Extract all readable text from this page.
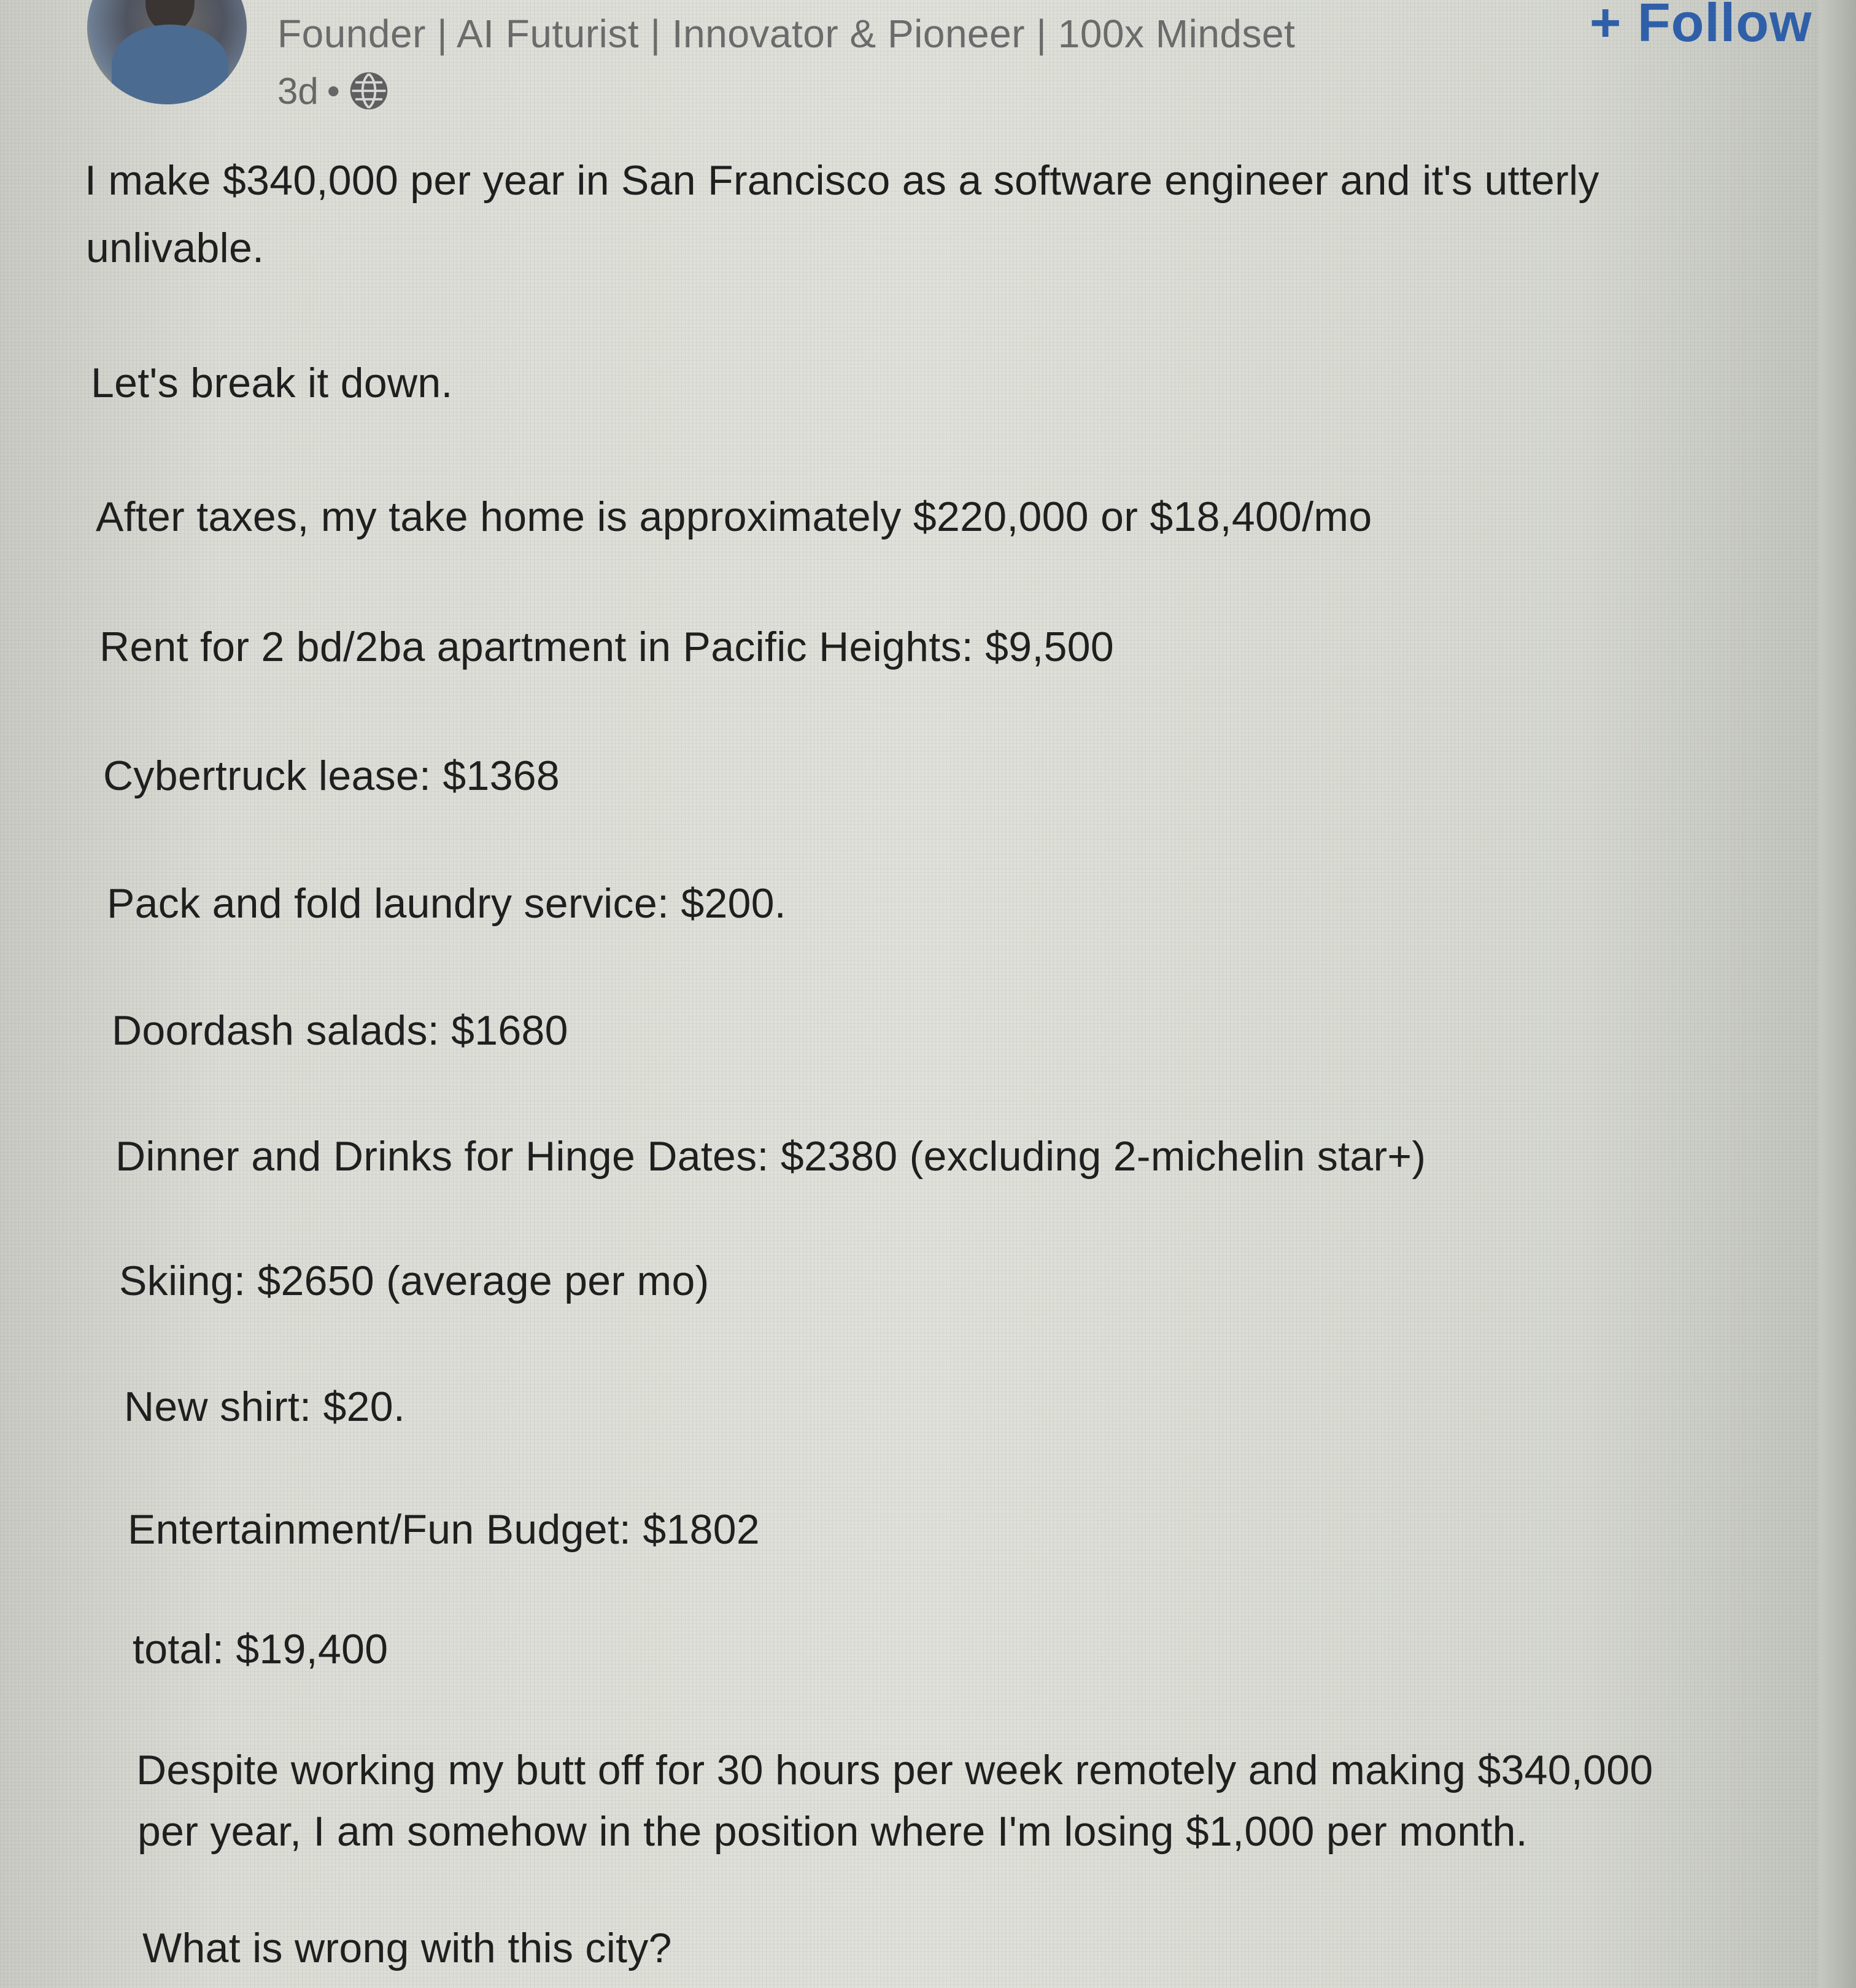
Founder | AI Futurist | Innovator & Pioneer | 100x Mindset
3d •
+ Follow
I make $340,000 per year in San Francisco as a software engineer and it's utterly
unlivable.
Let's break it down.
After taxes, my take home is approximately $220,000 or $18,400/mo
Rent for 2 bd/2ba apartment in Pacific Heights: $9,500
Cybertruck lease: $1368
Pack and fold laundry service: $200.
Doordash salads: $1680
Dinner and Drinks for Hinge Dates: $2380 (excluding 2-michelin star+)
Skiing: $2650 (average per mo)
New shirt: $20.
Entertainment/Fun Budget: $1802
total: $19,400
Despite working my butt off for 30 hours per week remotely and making $340,000
per year, I am somehow in the position where I'm losing $1,000 per month.
What is wrong with this city?
